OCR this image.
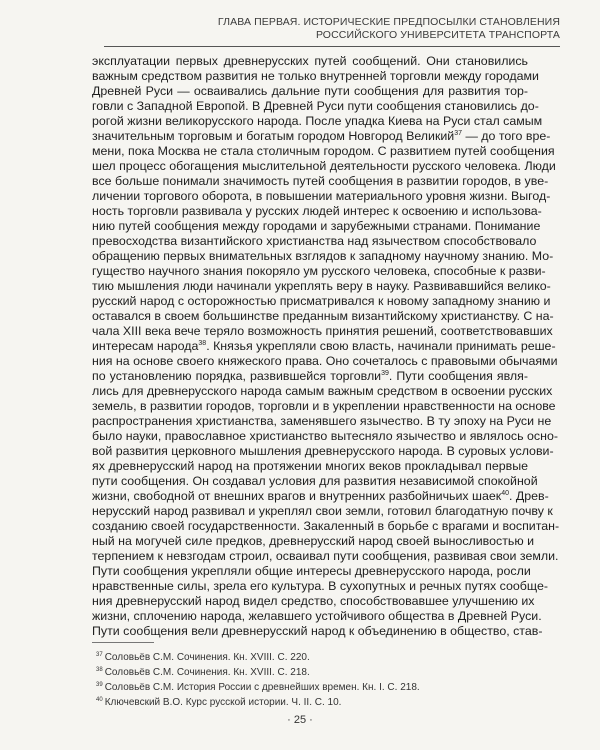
ГЛАВА ПЕРВАЯ. ИСТОРИЧЕСКИЕ ПРЕДПОСЫЛКИ СТАНОВЛЕНИЯ
РОССИЙСКОГО УНИВЕРСИТЕТА ТРАНСПОРТА
эксплуатации первых древнерусских путей сообщений. Они становились
важным средством развития не только внутренней торговли между городами
Древней Руси — осваивались дальние пути сообщения для развития тор-
говли с Западной Европой. В Древней Руси пути сообщения становились до-
рогой жизни великорусского народа. После упадка Киева на Руси стал самым
значительным торговым и богатым городом Новгород Великий$^{37}$ — до того вре-
мени, пока Москва не стала столичным городом. С развитием путей сообщения
шел процесс обогащения мыслительной деятельности русского человека. Люди
все больше понимали значимость путей сообщения в развитии городов, в уве-
личении торгового оборота, в повышении материального уровня жизни. Выгод-
ность торговли развивала у русских людей интерес к освоению и использова-
нию путей сообщения между городами и зарубежными странами. Понимание
превосходства византийского христианства над язычеством способствовало
обращению первых внимательных взглядов к западному научному знанию. Мо-
гущество научного знания покоряло ум русского человека, способные к разви-
тию мышления люди начинали укреплять веру в науку. Развивавшийся велико-
русский народ с осторожностью присматривался к новому западному знанию и
оставался в своем большинстве преданным византийскому христианству. С на-
чала XIII века вече теряло возможность принятия решений, соответствовавших
интересам народа$^{38}$. Князья укрепляли свою власть, начинали принимать реше-
ния на основе своего княжеского права. Оно сочеталось с правовыми обычаями
по установлению порядка, развившейся торговли$^{39}$. Пути сообщения явля-
лись для древнерусского народа самым важным средством в освоении русских
земель, в развитии городов, торговли и в укреплении нравственности на основе
распространения христианства, заменявшего язычество. В ту эпоху на Руси не
было науки, православное христианство вытесняло язычество и являлось осно-
вой развития церковного мышления древнерусского народа. В суровых услови-
ях древнерусский народ на протяжении многих веков прокладывал первые
пути сообщения. Он создавал условия для развития независимой спокойной
жизни, свободной от внешних врагов и внутренних разбойничьих шаек$^{40}$. Древ-
нерусский народ развивал и укреплял свои земли, готовил благодатную почву к
созданию своей государственности. Закаленный в борьбе с врагами и воспитан-
ный на могучей силе предков, древнерусский народ своей выносливостью и
терпением к невзгодам строил, осваивал пути сообщения, развивая свои земли.
Пути сообщения укрепляли общие интересы древнерусского народа, росли
нравственные силы, зрела его культура. В сухопутных и речных путях сообще-
ния древнерусский народ видел средство, способствовавшее улучшению их
жизни, сплочению народа, желавшего устойчивого общества в Древней Руси.
Пути сообщения вели древнерусский народ к объединению в общество, став-
$^{37}$ Соловьёв С.М. Сочинения. Кн. XVIII. С. 220.
$^{38}$ Соловьёв С.М. Сочинения. Кн. XVIII. С. 218.
$^{39}$ Соловьёв С.М. История России с древнейших времен. Кн. I. С. 218.
$^{40}$ Ключевский В.О. Курс русской истории. Ч. II. С. 10.
· 25 ·
